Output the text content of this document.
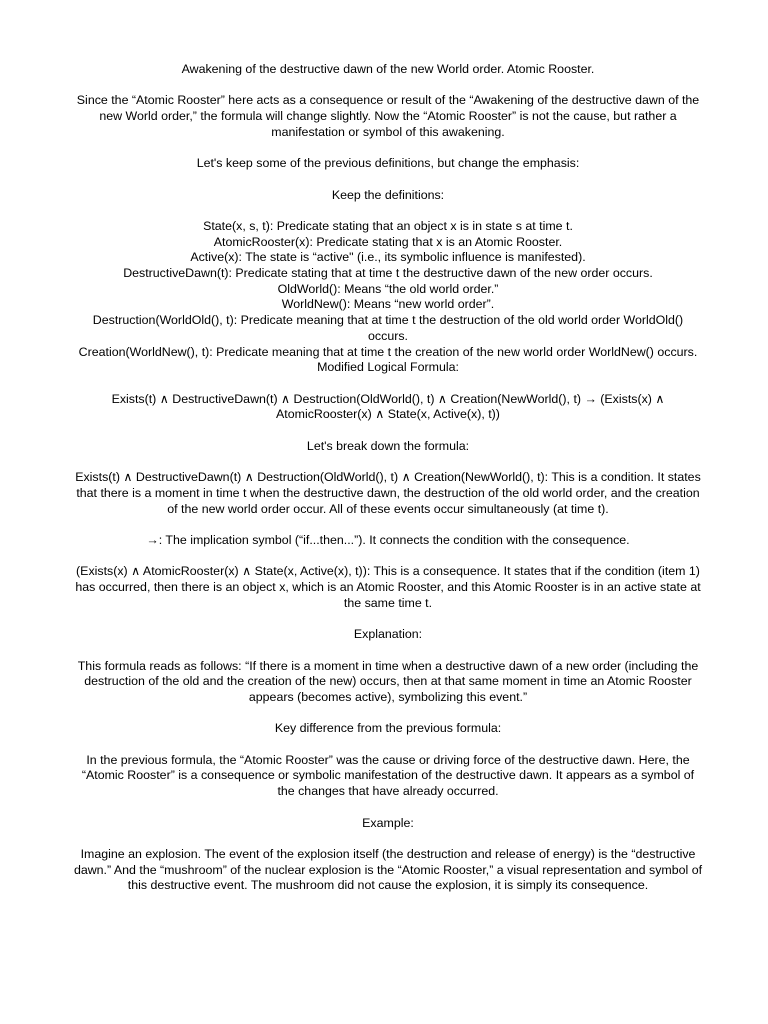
Awakening of the destructive dawn of the new World order. Atomic Rooster.

Since the “Atomic Rooster” here acts as a consequence or result of the “Awakening of the destructive dawn of the new World order,” the formula will change slightly. Now the “Atomic Rooster” is not the cause, but rather a manifestation or symbol of this awakening.

Let's keep some of the previous definitions, but change the emphasis:

Keep the definitions:

State(x, s, t): Predicate stating that an object x is in state s at time t.

AtomicRooster(x): Predicate stating that x is an Atomic Rooster.

Active(x): The state is “active" (i.e., its symbolic influence is manifested).

DestructiveDawn(t): Predicate stating that at time t the destructive dawn of the new order occurs.

OldWorld(): Means “the old world order.”

WorldNew(): Means “new world order”.

Destruction(WorldOld(), t): Predicate meaning that at time t the destruction of the old world order WorldOld() occurs.

Creation(WorldNew(), t): Predicate meaning that at time t the creation of the new world order WorldNew() occurs.

Modified Logical Formula:

Exists(t) ∧ DestructiveDawn(t) ∧ Destruction(OldWorld(), t) ∧ Creation(NewWorld(), t) → (Exists(x) ∧ AtomicRooster(x) ∧ State(x, Active(x), t))

Let's break down the formula:

Exists(t) ∧ DestructiveDawn(t) ∧ Destruction(OldWorld(), t) ∧ Creation(NewWorld(), t): This is a condition. It states that there is a moment in time t when the destructive dawn, the destruction of the old world order, and the creation of the new world order occur. All of these events occur simultaneously (at time t).

→: The implication symbol (“if...then...”). It connects the condition with the consequence.

(Exists(x) ∧ AtomicRooster(x) ∧ State(x, Active(x), t)): This is a consequence. It states that if the condition (item 1) has occurred, then there is an object x, which is an Atomic Rooster, and this Atomic Rooster is in an active state at the same time t.

Explanation:

This formula reads as follows: “If there is a moment in time when a destructive dawn of a new order (including the destruction of the old and the creation of the new) occurs, then at that same moment in time an Atomic Rooster appears (becomes active), symbolizing this event.”

Key difference from the previous formula:

In the previous formula, the “Atomic Rooster” was the cause or driving force of the destructive dawn. Here, the “Atomic Rooster” is a consequence or symbolic manifestation of the destructive dawn. It appears as a symbol of the changes that have already occurred.

Example:

Imagine an explosion. The event of the explosion itself (the destruction and release of energy) is the “destructive dawn.” And the “mushroom” of the nuclear explosion is the “Atomic Rooster,” a visual representation and symbol of this destructive event. The mushroom did not cause the explosion, it is simply its consequence.
